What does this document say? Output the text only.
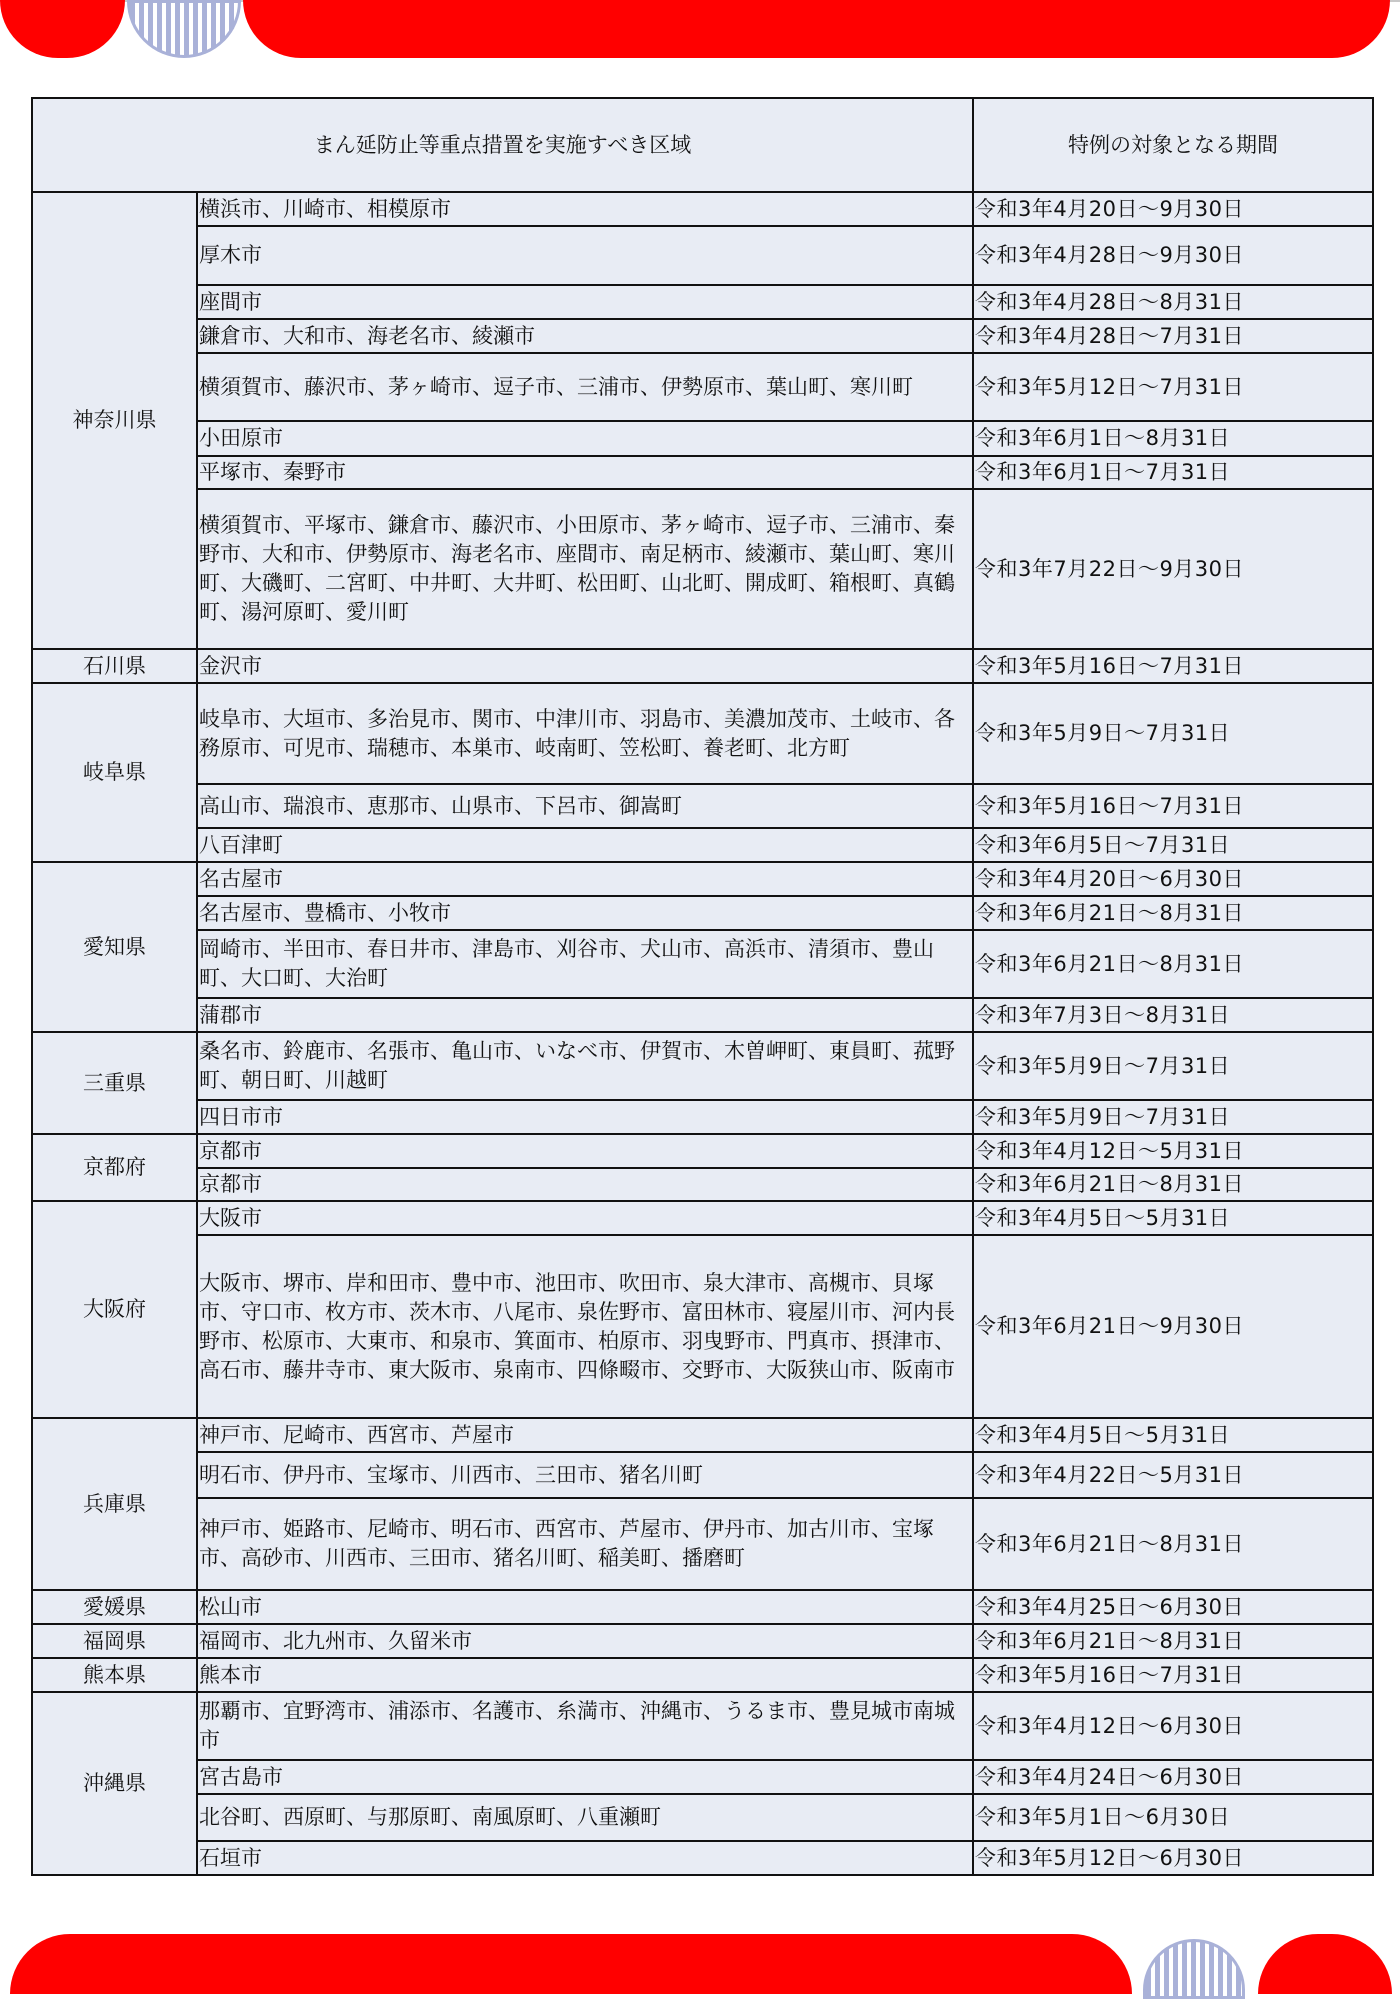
まん延防止等重点措置を実施すべき区域		特例の対象となる期間
神奈川県	横浜市、川崎市、相模原市	令和3年4月20日～9月30日
	厚木市	令和3年4月28日～9月30日
	座間市	令和3年4月28日～8月31日
	鎌倉市、大和市、海老名市、綾瀬市	令和3年4月28日～7月31日
	横須賀市、藤沢市、茅ヶ崎市、逗子市、三浦市、伊勢原市、葉山町、寒川町	令和3年5月12日～7月31日
	小田原市	令和3年6月1日～8月31日
	平塚市、秦野市	令和3年6月1日～7月31日
	横須賀市、平塚市、鎌倉市、藤沢市、小田原市、茅ヶ崎市、逗子市、三浦市、秦野市、大和市、伊勢原市、海老名市、座間市、南足柄市、綾瀬市、葉山町、寒川町、大磯町、二宮町、中井町、大井町、松田町、山北町、開成町、箱根町、真鶴町、湯河原町、愛川町	令和3年7月22日～9月30日
石川県	金沢市	令和3年5月16日～7月31日
岐阜県	岐阜市、大垣市、多治見市、関市、中津川市、羽島市、美濃加茂市、土岐市、各務原市、可児市、瑞穂市、本巣市、岐南町、笠松町、養老町、北方町	令和3年5月9日～7月31日
	高山市、瑞浪市、恵那市、山県市、下呂市、御嵩町	令和3年5月16日～7月31日
	八百津町	令和3年6月5日～7月31日
愛知県	名古屋市	令和3年4月20日～6月30日
	名古屋市、豊橋市、小牧市	令和3年6月21日～8月31日
	岡崎市、半田市、春日井市、津島市、刈谷市、犬山市、高浜市、清須市、豊山町、大口町、大治町	令和3年6月21日～8月31日
	蒲郡市	令和3年7月3日～8月31日
三重県	桑名市、鈴鹿市、名張市、亀山市、いなべ市、伊賀市、木曽岬町、東員町、菰野町、朝日町、川越町	令和3年5月9日～7月31日
	四日市市	令和3年5月9日～7月31日
京都府	京都市	令和3年4月12日～5月31日
	京都市	令和3年6月21日～8月31日
大阪府	大阪市	令和3年4月5日～5月31日
	大阪市、堺市、岸和田市、豊中市、池田市、吹田市、泉大津市、高槻市、貝塚市、守口市、枚方市、茨木市、八尾市、泉佐野市、富田林市、寝屋川市、河内長野市、松原市、大東市、和泉市、箕面市、柏原市、羽曳野市、門真市、摂津市、高石市、藤井寺市、東大阪市、泉南市、四條畷市、交野市、大阪狭山市、阪南市	令和3年6月21日～9月30日
兵庫県	神戸市、尼崎市、西宮市、芦屋市	令和3年4月5日～5月31日
	明石市、伊丹市、宝塚市、川西市、三田市、猪名川町	令和3年4月22日～5月31日
	神戸市、姫路市、尼崎市、明石市、西宮市、芦屋市、伊丹市、加古川市、宝塚市、高砂市、川西市、三田市、猪名川町、稲美町、播磨町	令和3年6月21日～8月31日
愛媛県	松山市	令和3年4月25日～6月30日
福岡県	福岡市、北九州市、久留米市	令和3年6月21日～8月31日
熊本県	熊本市	令和3年5月16日～7月31日
沖縄県	那覇市、宜野湾市、浦添市、名護市、糸満市、沖縄市、うるま市、豊見城市南城市	令和3年4月12日～6月30日
	宮古島市	令和3年4月24日～6月30日
	北谷町、西原町、与那原町、南風原町、八重瀬町	令和3年5月1日～6月30日
	石垣市	令和3年5月12日～6月30日
